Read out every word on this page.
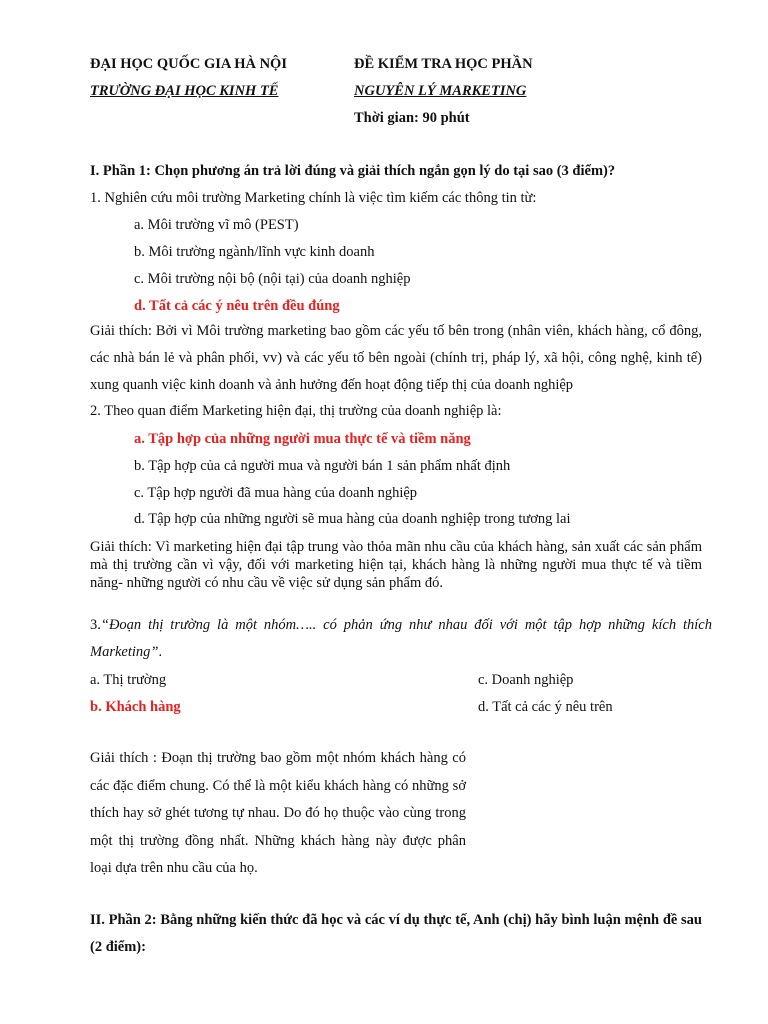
ĐẠI HỌC QUỐC GIA HÀ NỘI
TRƯỜNG ĐẠI HỌC KINH TẾ
ĐỀ KIỂM TRA HỌC PHẦN
NGUYÊN LÝ MARKETING
Thời gian: 90 phút
I. Phần 1: Chọn phương án trả lời đúng và giải thích ngắn gọn lý do tại sao (3 điểm)?
1. Nghiên cứu môi trường Marketing chính là việc tìm kiếm các thông tin từ:
a. Môi trường vĩ mô (PEST)
b. Môi trường ngành/lĩnh vực kinh doanh
c. Môi trường nội bộ (nội tại) của doanh nghiệp
d. Tất cả các ý nêu trên đều đúng
Giải thích: Bởi vì Môi trường marketing bao gồm các yếu tố bên trong (nhân viên, khách hàng, cổ đông, các nhà bán lẻ và phân phối, vv) và các yếu tố bên ngoài (chính trị, pháp lý, xã hội, công nghệ, kinh tế) xung quanh việc kinh doanh và ảnh hưởng đến hoạt động tiếp thị của doanh nghiệp
2. Theo quan điểm Marketing hiện đại, thị trường của doanh nghiệp là:
a. Tập hợp của những người mua thực tế và tiềm năng
b. Tập hợp của cả người mua và người bán 1 sản phẩm nhất định
c. Tập hợp người đã mua hàng của doanh nghiệp
d. Tập hợp của những người sẽ mua hàng của doanh nghiệp trong tương lai
Giải thích: Vì marketing hiện đại tập trung vào thỏa mãn nhu cầu của khách hàng, sản xuất các sản phẩm mà thị trường cần vì vậy, đối với marketing hiện tại, khách hàng là những người mua thực tế và tiềm năng- những người có nhu cầu về việc sử dụng sản phẩm đó.
3.“Đoạn thị trường là một nhóm….. có phản ứng như nhau đối với một tập hợp những kích thích Marketing”.
a. Thị trường
b. Khách hàng
c. Doanh nghiệp
d. Tất cả các ý nêu trên
Giải thích : Đoạn thị trường bao gồm một nhóm khách hàng có các đặc điểm chung. Có thể là một kiểu khách hàng có những sở thích hay sở ghét tương tự nhau. Do đó họ thuộc vào cùng trong một thị trường đồng nhất. Những khách hàng này được phân loại dựa trên nhu cầu của họ.
II. Phần 2: Bằng những kiến thức đã học và các ví dụ thực tế, Anh (chị) hãy bình luận mệnh đề sau (2 điểm):
